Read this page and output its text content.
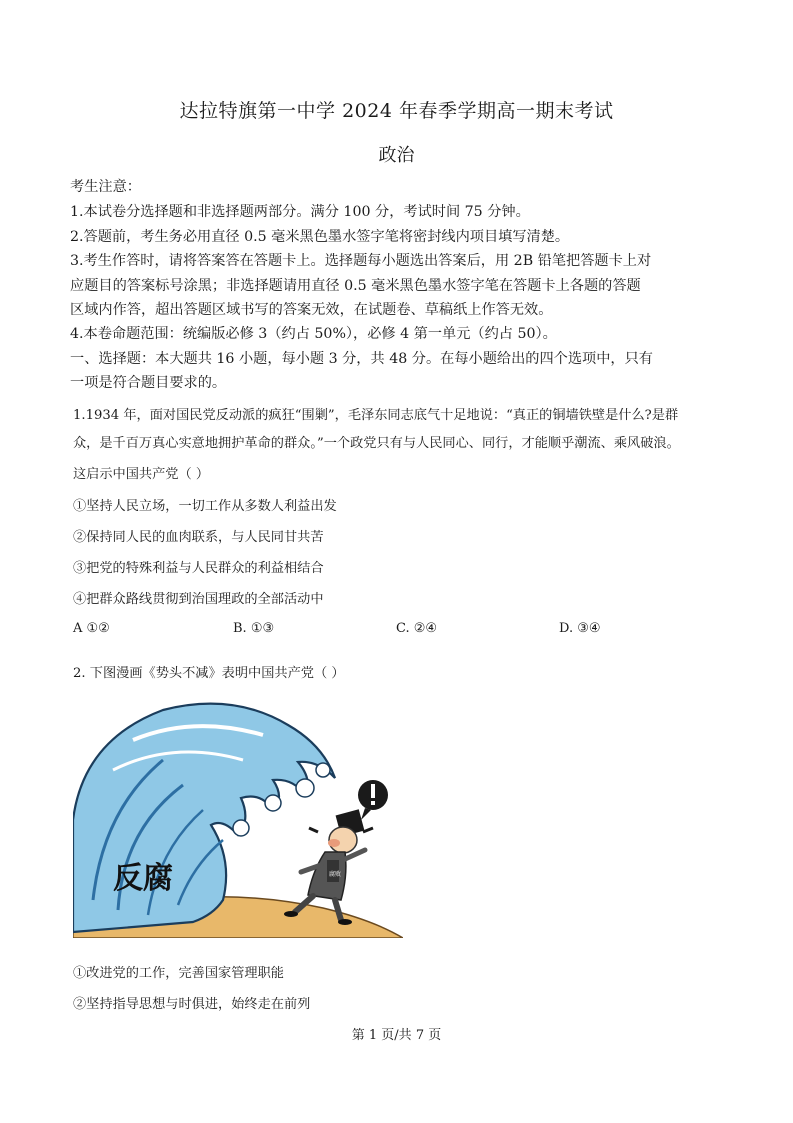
达拉特旗第一中学 2024 年春季学期高一期末考试
政治
考生注意：
1.本试卷分选择题和非选择题两部分。满分 100 分，考试时间 75 分钟。
2.答题前，考生务必用直径 0.5 毫米黑色墨水签字笔将密封线内项目填写清楚。
3.考生作答时，请将答案答在答题卡上。选择题每小题选出答案后，用 2B 铅笔把答题卡上对
应题目的答案标号涂黑；非选择题请用直径 0.5 毫米黑色墨水签字笔在答题卡上各题的答题
区域内作答，超出答题区域书写的答案无效，在试题卷、草稿纸上作答无效。
4.本卷命题范围：统编版必修 3（约占 50%），必修 4 第一单元（约占 50）。
一、选择题：本大题共 16 小题，每小题 3 分，共 48 分。在每小题给出的四个选项中，只有
一项是符合题目要求的。
1.1934 年，面对国民党反动派的疯狂“围剿”，毛泽东同志底气十足地说：“真正的铜墙铁壁是什么?是群
众，是千百万真心实意地拥护革命的群众。”一个政党只有与人民同心、同行，才能顺乎潮流、乘风破浪。
这启示中国共产党（ ）
①坚持人民立场，一切工作从多数人利益出发
②保持同人民的血肉联系，与人民同甘共苦
③把党的特殊利益与人民群众的利益相结合
④把群众路线贯彻到治国理政的全部活动中
A ①②	B. ①③	C. ②④	D. ③④
2. 下图漫画《势头不减》表明中国共产党（ ）
反腐	腐败
①改进党的工作，完善国家管理职能
②坚持指导思想与时俱进，始终走在前列
第 1 页/共 7 页
